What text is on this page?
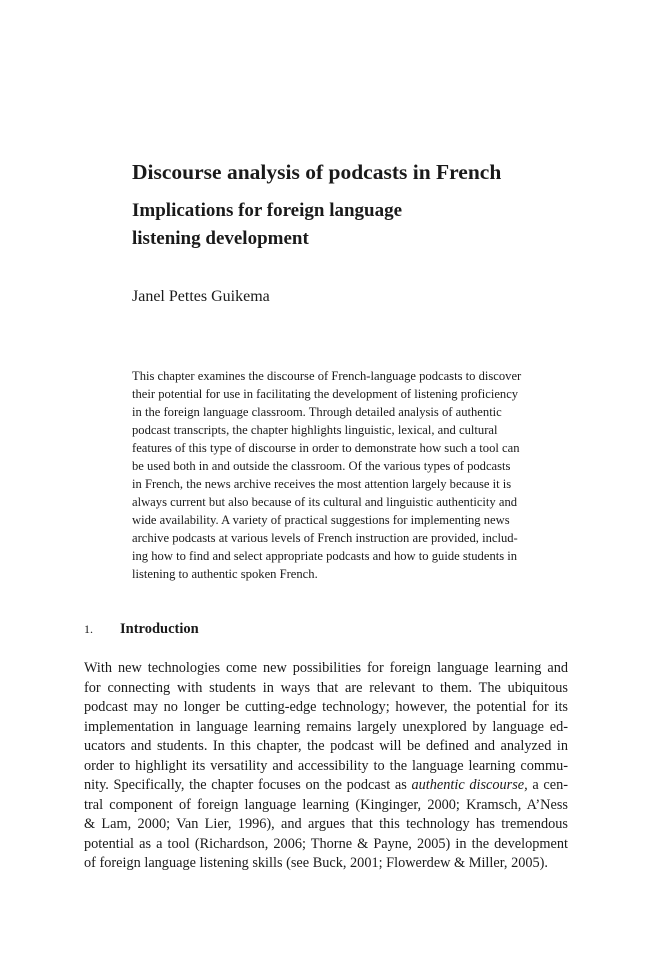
Discourse analysis of podcasts in French
Implications for foreign language
listening development

Janel Pettes Guikema

This chapter examines the discourse of French-language podcasts to discover
their potential for use in facilitating the development of listening proficiency
in the foreign language classroom. Through detailed analysis of authentic
podcast transcripts, the chapter highlights linguistic, lexical, and cultural
features of this type of discourse in order to demonstrate how such a tool can
be used both in and outside the classroom. Of the various types of podcasts
in French, the news archive receives the most attention largely because it is
always current but also because of its cultural and linguistic authenticity and
wide availability. A variety of practical suggestions for implementing news
archive podcasts at various levels of French instruction are provided, includ-
ing how to find and select appropriate podcasts and how to guide students in
listening to authentic spoken French.
1. Introduction
With new technologies come new possibilities for foreign language learning and
for connecting with students in ways that are relevant to them. The ubiquitous
podcast may no longer be cutting-edge technology; however, the potential for its
implementation in language learning remains largely unexplored by language ed-
ucators and students. In this chapter, the podcast will be defined and analyzed in
order to highlight its versatility and accessibility to the language learning commu-
nity. Specifically, the chapter focuses on the podcast as authentic discourse, a cen-
tral component of foreign language learning (Kinginger, 2000; Kramsch, A’Ness
& Lam, 2000; Van Lier, 1996), and argues that this technology has tremendous
potential as a tool (Richardson, 2006; Thorne & Payne, 2005) in the development
of foreign language listening skills (see Buck, 2001; Flowerdew & Miller, 2005).
